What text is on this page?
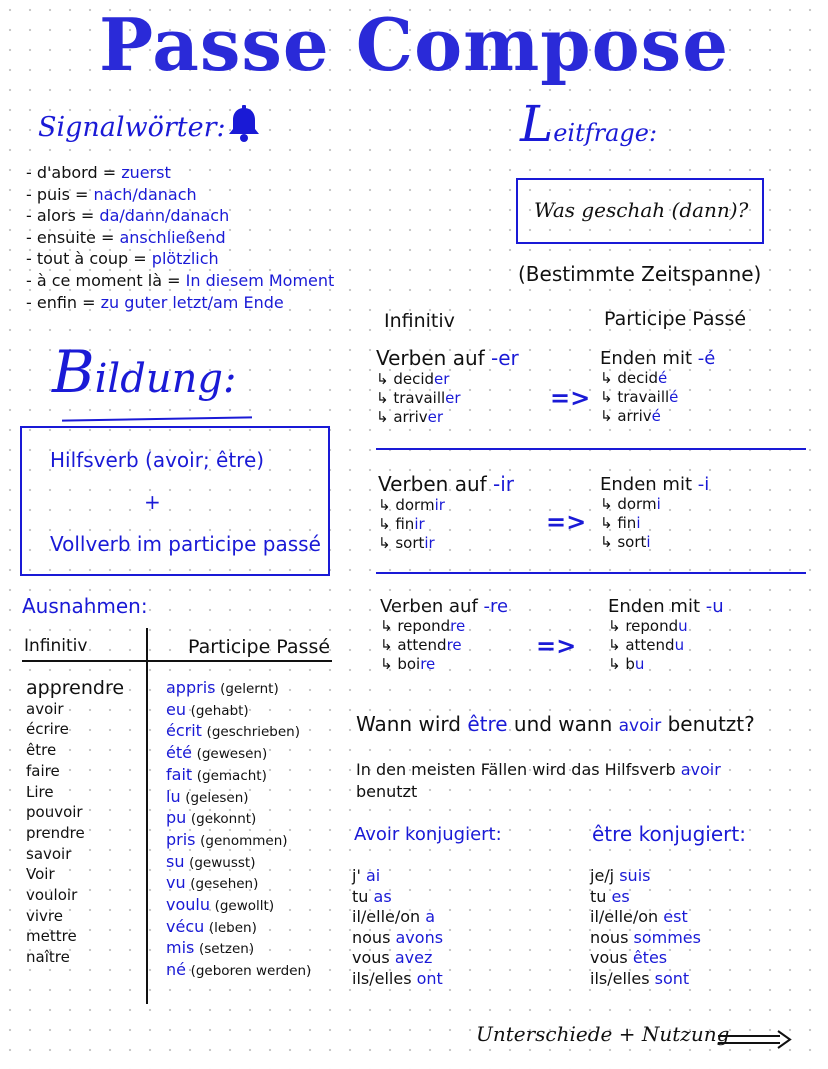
Passe Compose
Signalwörter:
- d'abord = zuerst
- puis = nach/danach
- alors = da/dann/danach
- ensuite = anschließend
- tout à coup = plötzlich
- à ce moment là = In diesem Moment
- enfin = zu guter letzt/am Ende
Leitfrage:
Was geschah (dann)?
(Bestimmte Zeitspanne)
Bildung:
Hilfsverb (avoir; être)
+
Vollverb im participe passé
Infinitiv	Participe Passé
Verben auf -er
↳ decider
↳ travailler
↳ arriver
=>
Enden mit -é
↳ decidé
↳ travaillé
↳ arrivé
Verben auf -ir
↳ dormir
↳ finir
↳ sortir
=>
Enden mit -i
↳ dormi
↳ fini
↳ sorti
Verben auf -re
↳ repondre
↳ attendre
↳ boire
=>
Enden mit -u
↳ repondu
↳ attendu
↳ bu
Ausnahmen:
Infinitiv	Participe Passé
apprendre
avoir
écrire
être
faire
Lire
pouvoir
prendre
savoir
Voir
vouloir
vivre
mettre
naître
appris (gelernt)
eu (gehabt)
écrit (geschrieben)
été (gewesen)
fait (gemacht)
lu (gelesen)
pu (gekonnt)
pris (genommen)
su (gewusst)
vu (gesehen)
voulu (gewollt)
vécu (leben)
mis (setzen)
né (geboren werden)
Wann wird être und wann avoir benutzt?
In den meisten Fällen wird das Hilfsverb avoir
benutzt
Avoir konjugiert:
j' ai
tu as
il/elle/on a
nous avons
vous avez
ils/elles ont
être konjugiert:
je/j suis
tu es
il/elle/on est
nous sommes
vous êtes
ils/elles sont
Unterschiede + Nutzung
